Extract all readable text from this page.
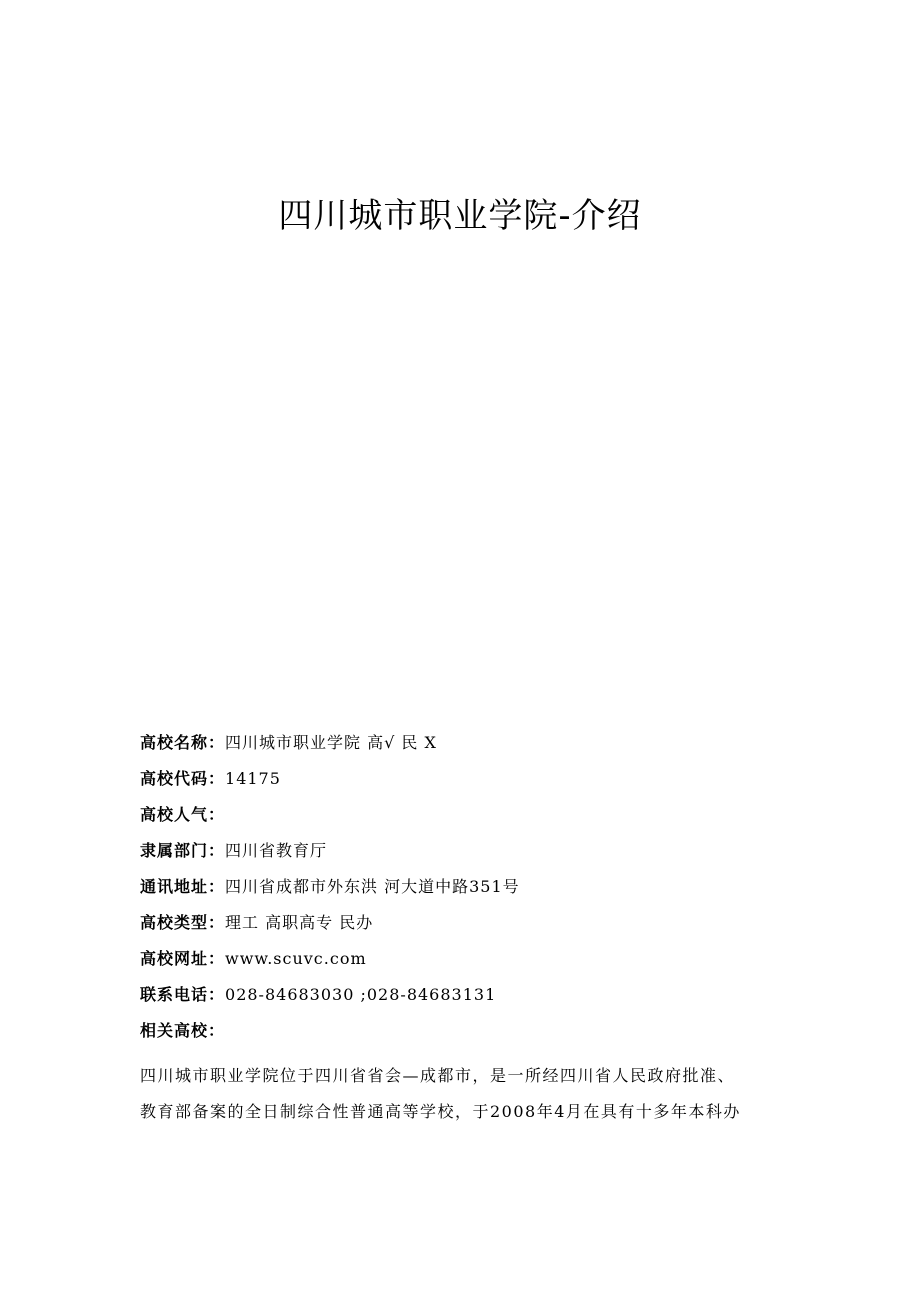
四川城市职业学院-介绍
高校名称：四川城市职业学院 高√ 民 X
高校代码：14175
高校人气：
隶属部门：四川省教育厅
通讯地址：四川省成都市外东洪 河大道中路351号
高校类型：理工 高职高专 民办
高校网址：www.scuvc.com
联系电话：028-84683030 ;028-84683131
相关高校：
四川城市职业学院位于四川省省会—成都市，是一所经四川省人民政府批准、
教育部备案的全日制综合性普通高等学校，于2008年4月在具有十多年本科办
